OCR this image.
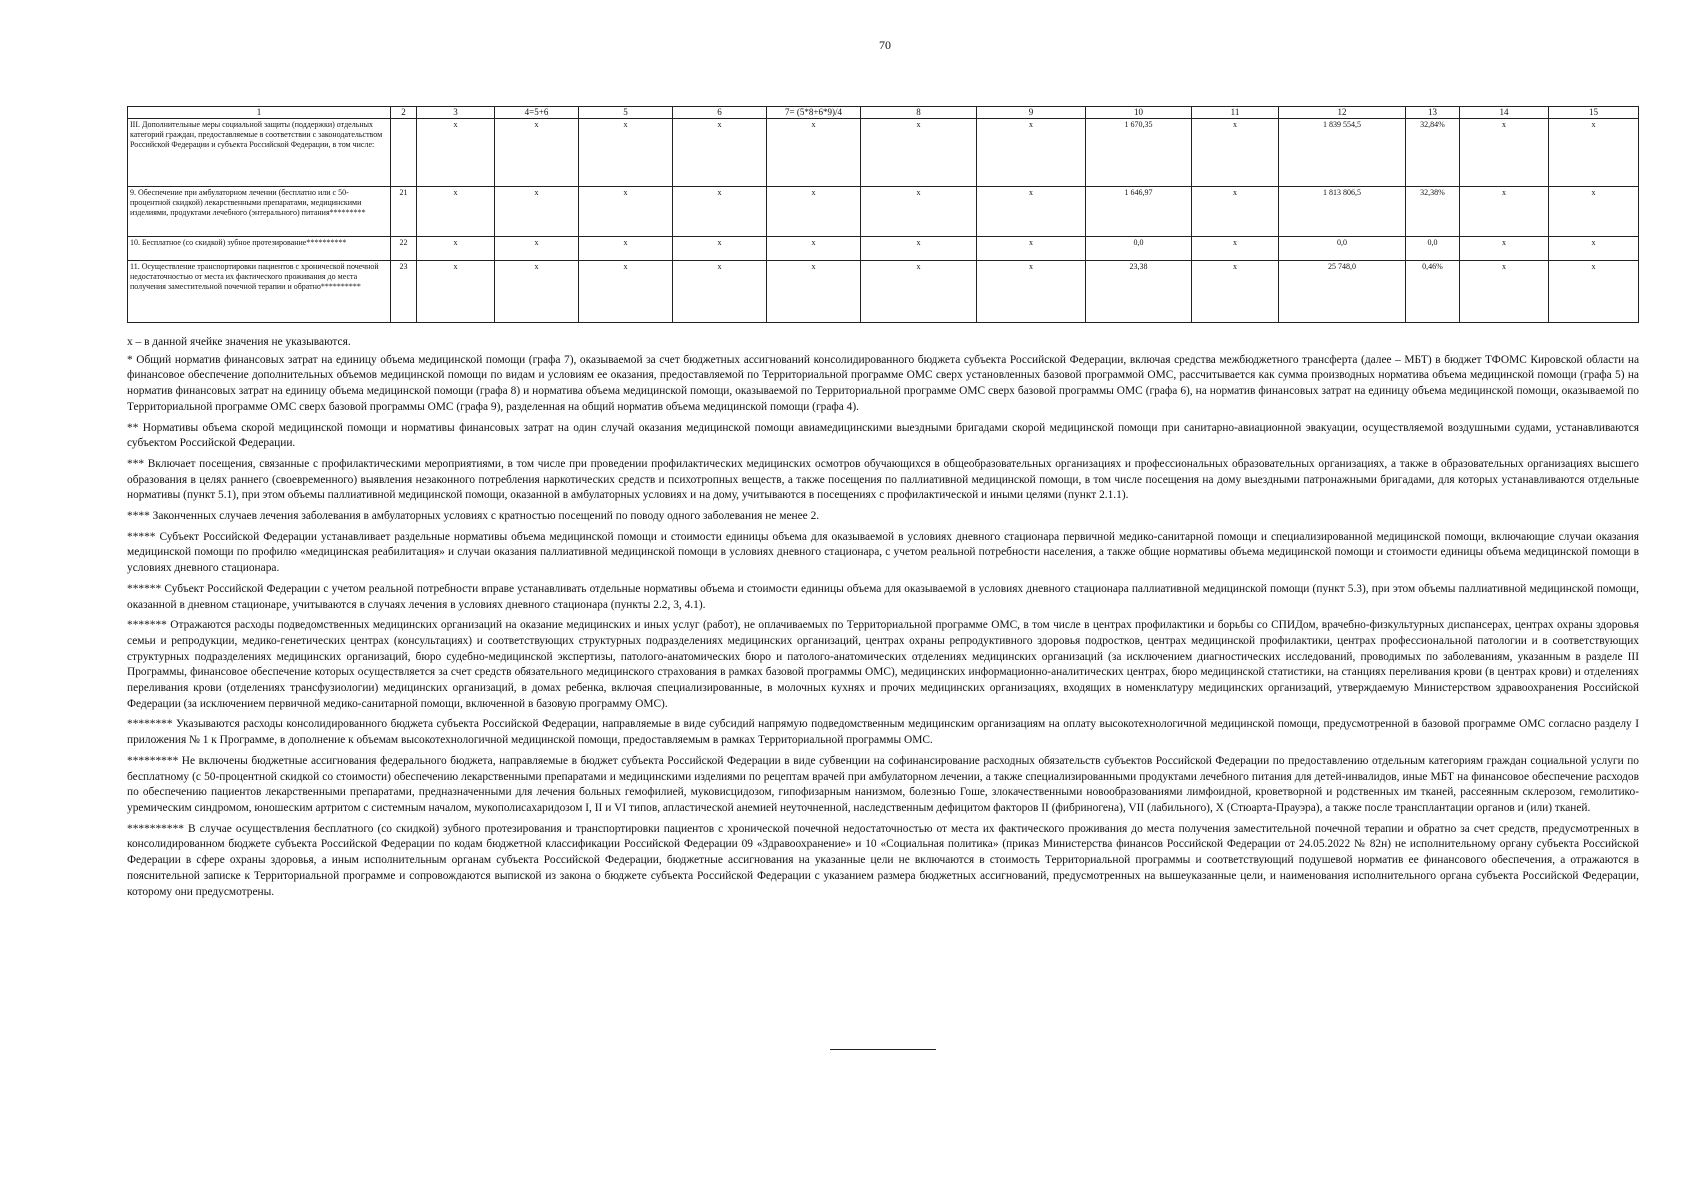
70
1	2	3	4=5+6	5	6	7= (5*8+6*9)/4	8	9	10	11	12	13	14	15
III. Дополнительные меры социальной защиты (поддержки) отдельных категорий граждан, предоставляемые в соответствии с законодательством Российской Федерации и субъекта Российской Федерации, в том числе:		x	x	x	x	x	x	x	1 670,35	x	1 839 554,5	32,84%	x	x
9. Обеспечение при амбулаторном лечении (бесплатно или с 50-процентной скидкой) лекарственными препаратами, медицинскими изделиями, продуктами лечебного (энтерального) питания*********	21	x	x	x	x	x	x	x	1 646,97	x	1 813 806,5	32,38%	x	x
10. Бесплатное (со скидкой) зубное протезирование**********	22	x	x	x	x	x	x	x	0,0	x	0,0	0,0	x	x
11. Осуществление транспортировки пациентов с хронической почечной недостаточностью от места их фактического проживания до места получения заместительной почечной терапии и обратно**********	23	x	x	x	x	x	x	x	23,38	x	25 748,0	0,46%	x	x

х – в данной ячейке значения не указываются.

* Общий норматив финансовых затрат на единицу объема медицинской помощи (графа 7), оказываемой за счет бюджетных ассигнований консолидированного бюджета субъекта Российской Федерации, включая средства межбюджетного трансферта (далее – МБТ) в бюджет ТФОМС Кировской области на финансовое обеспечение дополнительных объемов медицинской помощи по видам и условиям ее оказания, предоставляемой по Территориальной программе ОМС сверх установленных базовой программой ОМС, рассчитывается как сумма производных норматива объема медицинской помощи (графа 5) на норматив финансовых затрат на единицу объема медицинской помощи (графа 8) и норматива объема медицинской помощи, оказываемой по Территориальной программе ОМС сверх базовой программы ОМС (графа 6), на норматив финансовых затрат на единицу объема медицинской помощи, оказываемой по Территориальной программе ОМС сверх базовой программы ОМС (графа 9), разделенная на общий норматив объема медицинской помощи (графа 4).

** Нормативы объема скорой медицинской помощи и нормативы финансовых затрат на один случай оказания медицинской помощи авиамедицинскими выездными бригадами скорой медицинской помощи при санитарно-авиационной эвакуации, осуществляемой воздушными судами, устанавливаются субъектом Российской Федерации.

*** Включает посещения, связанные с профилактическими мероприятиями, в том числе при проведении профилактических медицинских осмотров обучающихся в общеобразовательных организациях и профессиональных образовательных организациях, а также в образовательных организациях высшего образования в целях раннего (своевременного) выявления незаконного потребления наркотических средств и психотропных веществ, а также посещения по паллиативной медицинской помощи, в том числе посещения на дому выездными патронажными бригадами, для которых устанавливаются отдельные нормативы (пункт 5.1), при этом объемы паллиативной медицинской помощи, оказанной в амбулаторных условиях и на дому, учитываются в посещениях с профилактической и иными целями (пункт 2.1.1).

**** Законченных случаев лечения заболевания в амбулаторных условиях с кратностью посещений по поводу одного заболевания не менее 2.

***** Субъект Российской Федерации устанавливает раздельные нормативы объема медицинской помощи и стоимости единицы объема для оказываемой в условиях дневного стационара первичной медико-санитарной помощи и специализированной медицинской помощи, включающие случаи оказания медицинской помощи по профилю «медицинская реабилитация» и случаи оказания паллиативной медицинской помощи в условиях дневного стационара, с учетом реальной потребности населения, а также общие нормативы объема медицинской помощи и стоимости единицы объема медицинской помощи в условиях дневного стационара.

****** Субъект Российской Федерации с учетом реальной потребности вправе устанавливать отдельные нормативы объема и стоимости единицы объема для оказываемой в условиях дневного стационара паллиативной медицинской помощи (пункт 5.3), при этом объемы паллиативной медицинской помощи, оказанной в дневном стационаре, учитываются в случаях лечения в условиях дневного стационара (пункты 2.2, 3, 4.1).

******* Отражаются расходы подведомственных медицинских организаций на оказание медицинских и иных услуг (работ), не оплачиваемых по Территориальной программе ОМС, в том числе в центрах профилактики и борьбы со СПИДом, врачебно-физкультурных диспансерах, центрах охраны здоровья семьи и репродукции, медико-генетических центрах (консультациях) и соответствующих структурных подразделениях медицинских организаций, центрах охраны репродуктивного здоровья подростков, центрах медицинской профилактики, центрах профессиональной патологии и в соответствующих структурных подразделениях медицинских организаций, бюро судебно-медицинской экспертизы, патолого-анатомических бюро и патолого-анатомических отделениях медицинских организаций (за исключением диагностических исследований, проводимых по заболеваниям, указанным в разделе III Программы, финансовое обеспечение которых осуществляется за счет средств обязательного медицинского страхования в рамках базовой программы ОМС), медицинских информационно-аналитических центрах, бюро медицинской статистики, на станциях переливания крови (в центрах крови) и отделениях переливания крови (отделениях трансфузиологии) медицинских организаций, в домах ребенка, включая специализированные, в молочных кухнях и прочих медицинских организациях, входящих в номенклатуру медицинских организаций, утверждаемую Министерством здравоохранения Российской Федерации (за исключением первичной медико-санитарной помощи, включенной в базовую программу ОМС).

******** Указываются расходы консолидированного бюджета субъекта Российской Федерации, направляемые в виде субсидий напрямую подведомственным медицинским организациям на оплату высокотехнологичной медицинской помощи, предусмотренной в базовой программе ОМС согласно разделу I приложения № 1 к Программе, в дополнение к объемам высокотехнологичной медицинской помощи, предоставляемым в рамках Территориальной программы ОМС.

********* Не включены бюджетные ассигнования федерального бюджета, направляемые в бюджет субъекта Российской Федерации в виде субвенции на софинансирование расходных обязательств субъектов Российской Федерации по предоставлению отдельным категориям граждан социальной услуги по бесплатному (с 50-процентной скидкой со стоимости) обеспечению лекарственными препаратами и медицинскими изделиями по рецептам врачей при амбулаторном лечении, а также специализированными продуктами лечебного питания для детей-инвалидов, иные МБТ на финансовое обеспечение расходов по обеспечению пациентов лекарственными препаратами, предназначенными для лечения больных гемофилией, муковисцидозом, гипофизарным нанизмом, болезнью Гоше, злокачественными новообразованиями лимфоидной, кроветворной и родственных им тканей, рассеянным склерозом, гемолитико-уремическим синдромом, юношеским артритом с системным началом, мукополисахаридозом I, II и VI типов, апластической анемией неуточненной, наследственным дефицитом факторов II (фибриногена), VII (лабильного), X (Стюарта-Прауэра), а также после трансплантации органов и (или) тканей.

********** В случае осуществления бесплатного (со скидкой) зубного протезирования и транспортировки пациентов с хронической почечной недостаточностью от места их фактического проживания до места получения заместительной почечной терапии и обратно за счет средств, предусмотренных в консолидированном бюджете субъекта Российской Федерации по кодам бюджетной классификации Российской Федерации 09 «Здравоохранение» и 10 «Социальная политика» (приказ Министерства финансов Российской Федерации от 24.05.2022 № 82н) не исполнительному органу субъекта Российской Федерации в сфере охраны здоровья, а иным исполнительным органам субъекта Российской Федерации, бюджетные ассигнования на указанные цели не включаются в стоимость Территориальной программы и соответствующий подушевой норматив ее финансового обеспечения, а отражаются в пояснительной записке к Территориальной программе и сопровождаются выпиской из закона о бюджете субъекта Российской Федерации с указанием размера бюджетных ассигнований, предусмотренных на вышеуказанные цели, и наименования исполнительного органа субъекта Российской Федерации, которому они предусмотрены.
